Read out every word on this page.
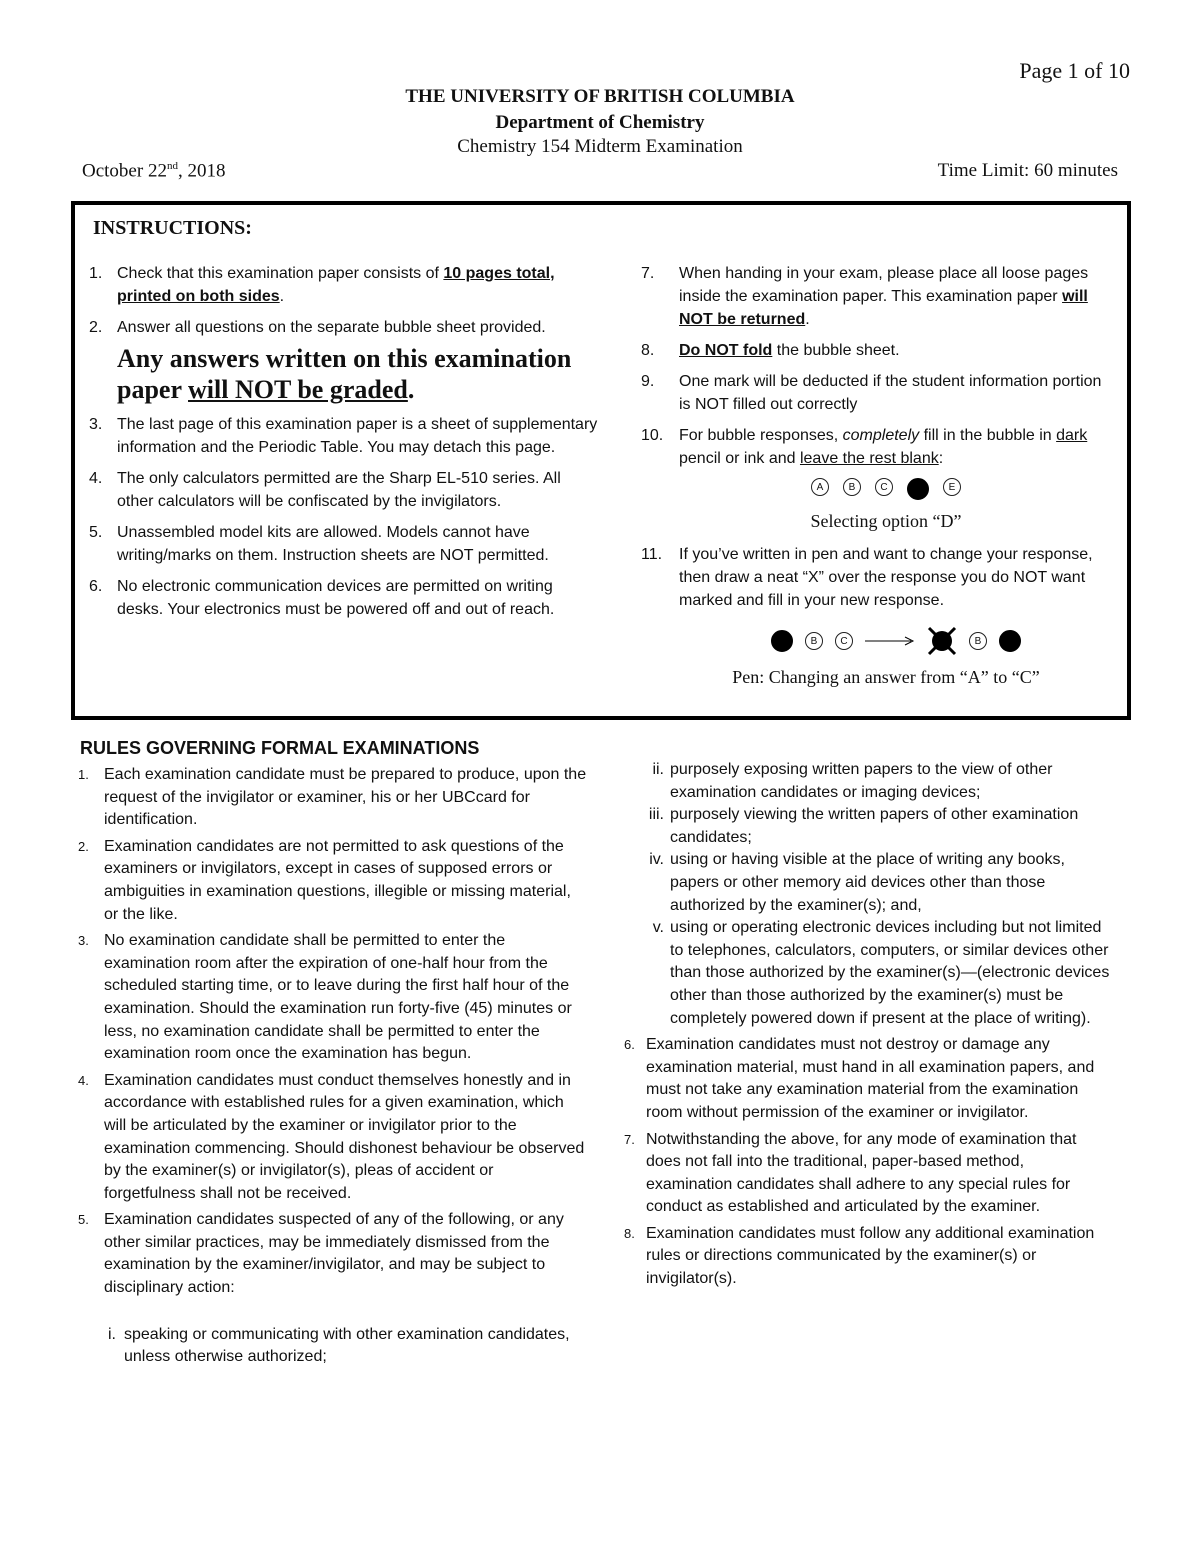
Page 1 of 10
THE UNIVERSITY OF BRITISH COLUMBIA
Department of Chemistry
Chemistry 154 Midterm Examination
October 22nd, 2018	Time Limit: 60 minutes
INSTRUCTIONS:
1. Check that this examination paper consists of 10 pages total, printed on both sides.
2. Answer all questions on the separate bubble sheet provided.
Any answers written on this examination paper will NOT be graded.
3. The last page of this examination paper is a sheet of supplementary information and the Periodic Table. You may detach this page.
4. The only calculators permitted are the Sharp EL-510 series. All other calculators will be confiscated by the invigilators.
5. Unassembled model kits are allowed. Models cannot have writing/marks on them. Instruction sheets are NOT permitted.
6. No electronic communication devices are permitted on writing desks. Your electronics must be powered off and out of reach.
7.	When handing in your exam, please place all loose pages inside the examination paper. This examination paper will NOT be returned.
8.	Do NOT fold the bubble sheet.
9.	One mark will be deducted if the student information portion is NOT filled out correctly
10. For bubble responses, completely fill in the bubble in dark pencil or ink and leave the rest blank:
A	B	C	E
Selecting option “D”
11.	If you’ve written in pen and want to change your response, then draw a neat “X” over the response you do NOT want marked and fill in your new response.
B	C	B
Pen: Changing an answer from “A” to “C”
RULES GOVERNING FORMAL EXAMINATIONS
1. Each examination candidate must be prepared to produce, upon the request of the invigilator or examiner, his or her UBCcard for identification.
2. Examination candidates are not permitted to ask questions of the examiners or invigilators, except in cases of supposed errors or ambiguities in examination questions, illegible or missing material, or the like.
3. No examination candidate shall be permitted to enter the examination room after the expiration of one-half hour from the scheduled starting time, or to leave during the first half hour of the examination. Should the examination run forty-five (45) minutes or less, no examination candidate shall be permitted to enter the examination room once the examination has begun.
4. Examination candidates must conduct themselves honestly and in accordance with established rules for a given examination, which will be articulated by the examiner or invigilator prior to the examination commencing. Should dishonest behaviour be observed by the examiner(s) or invigilator(s), pleas of accident or forgetfulness shall not be received.
5. Examination candidates suspected of any of the following, or any other similar practices, may be immediately dismissed from the examination by the examiner/invigilator, and may be subject to disciplinary action:
i. speaking or communicating with other examination candidates, unless otherwise authorized;
ii. purposely exposing written papers to the view of other examination candidates or imaging devices;
iii. purposely viewing the written papers of other examination candidates;
iv. using or having visible at the place of writing any books, papers or other memory aid devices other than those authorized by the examiner(s); and,
v. using or operating electronic devices including but not limited to telephones, calculators, computers, or similar devices other than those authorized by the examiner(s)—(electronic devices other than those authorized by the examiner(s) must be completely powered down if present at the place of writing).
6. Examination candidates must not destroy or damage any examination material, must hand in all examination papers, and must not take any examination material from the examination room without permission of the examiner or invigilator.
7. Notwithstanding the above, for any mode of examination that does not fall into the traditional, paper-based method, examination candidates shall adhere to any special rules for conduct as established and articulated by the examiner.
8. Examination candidates must follow any additional examination rules or directions communicated by the examiner(s) or invigilator(s).
